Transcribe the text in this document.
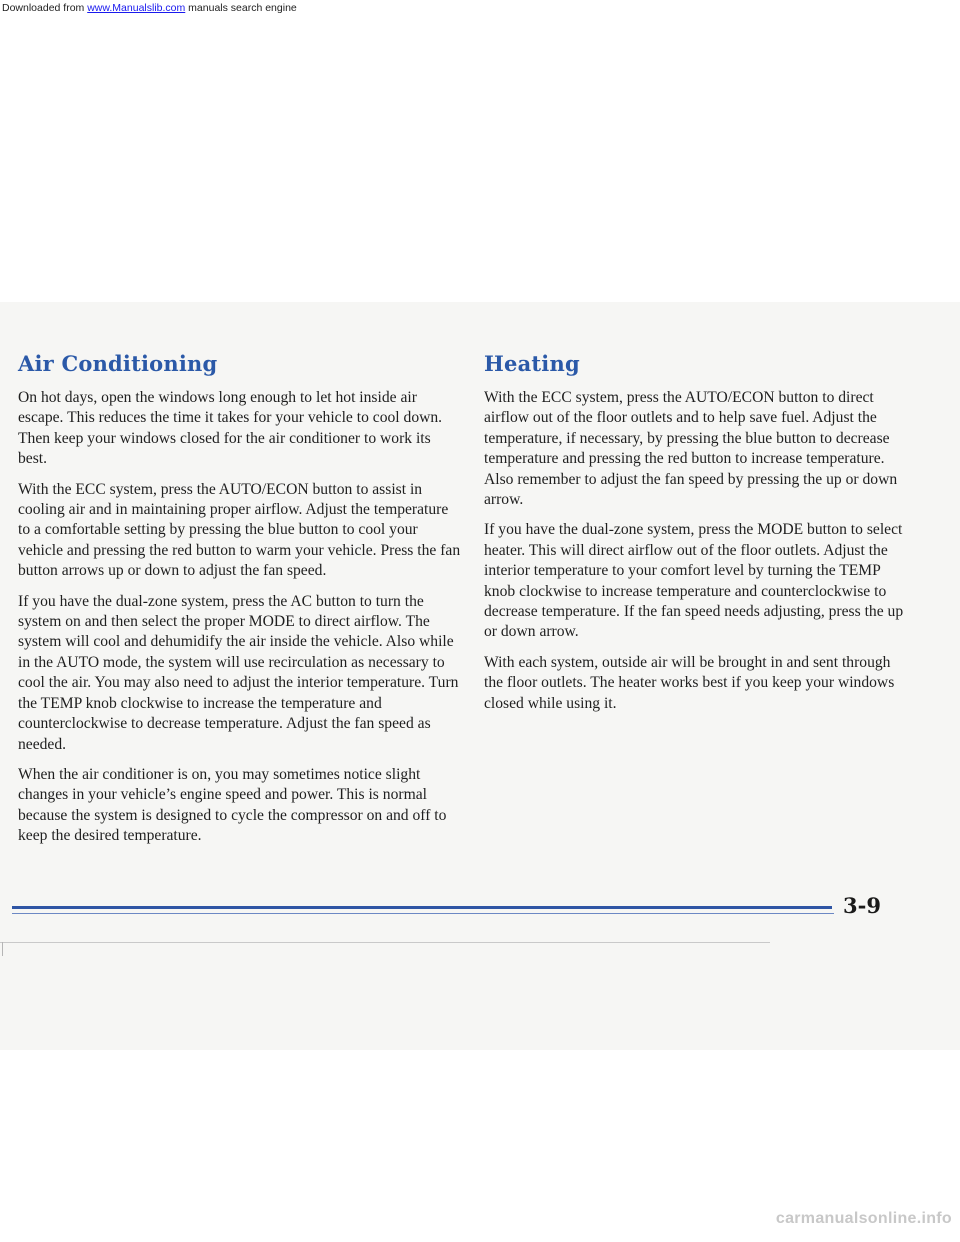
Downloaded from www.Manualslib.com manuals search engine
Air Conditioning

On hot days, open the windows long enough to let hot inside air escape. This reduces the time it takes for your vehicle to cool down. Then keep your windows closed for the air conditioner to work its best.

With the ECC system, press the AUTO/ECON button to assist in cooling air and in maintaining proper airflow. Adjust the temperature to a comfortable setting by pressing the blue button to cool your vehicle and pressing the red button to warm your vehicle. Press the fan button arrows up or down to adjust the fan speed.

If you have the dual-zone system, press the AC button to turn the system on and then select the proper MODE to direct airflow. The system will cool and dehumidify the air inside the vehicle. Also while in the AUTO mode, the system will use recirculation as necessary to cool the air. You may also need to adjust the interior temperature. Turn the TEMP knob clockwise to increase the temperature and counterclockwise to decrease temperature. Adjust the fan speed as needed.

When the air conditioner is on, you may sometimes notice slight changes in your vehicle’s engine speed and power. This is normal because the system is designed to cycle the compressor on and off to keep the desired temperature.

Heating

With the ECC system, press the AUTO/ECON button to direct airflow out of the floor outlets and to help save fuel. Adjust the temperature, if necessary, by pressing the blue button to decrease temperature and pressing the red button to increase temperature. Also remember to adjust the fan speed by pressing the up or down arrow.

If you have the dual-zone system, press the MODE button to select heater. This will direct airflow out of the floor outlets. Adjust the interior temperature to your comfort level by turning the TEMP knob clockwise to increase temperature and counterclockwise to decrease temperature. If the fan speed needs adjusting, press the up or down arrow.

With each system, outside air will be brought in and sent through the floor outlets. The heater works best if you keep your windows closed while using it.

3-9
carmanualsonline.info
